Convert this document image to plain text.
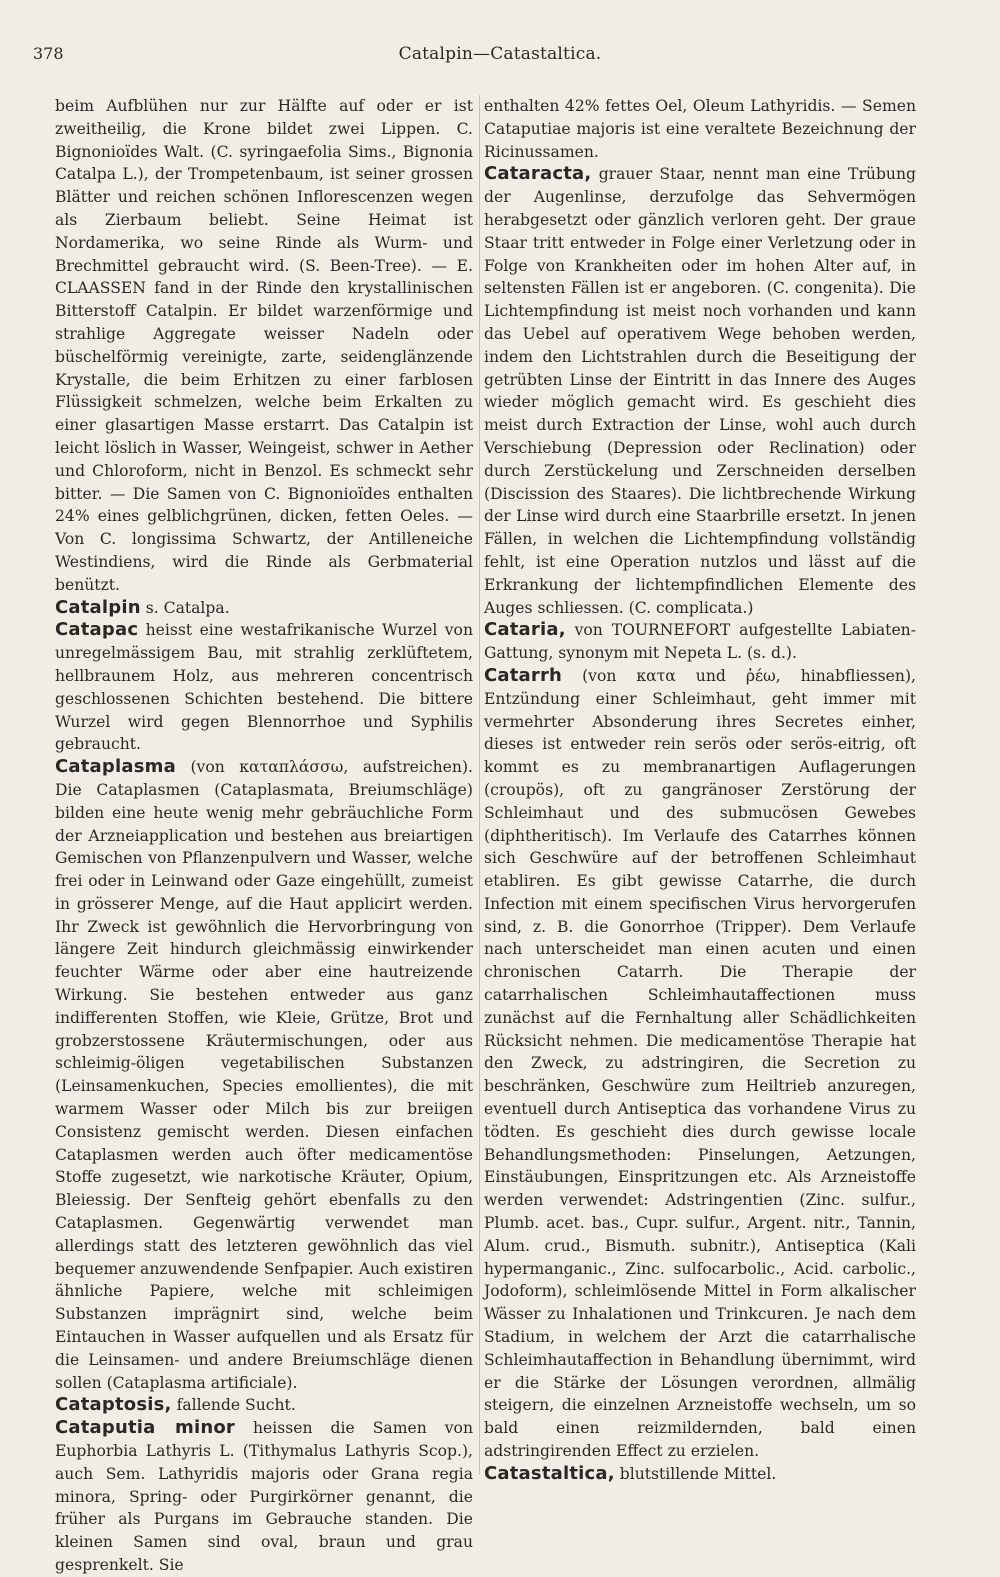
378	Catalpin—Catastaltica.

beim Aufblühen nur zur Hälfte auf oder er ist zweitheilig, die Krone bildet zwei Lippen. C. Bignonioïdes Walt. (C. syringaefolia Sims., Bignonia Catalpa L.), der Trompetenbaum, ist seiner grossen Blätter und reichen schönen Inflorescenzen wegen als Zierbaum beliebt. Seine Heimat ist Nordamerika, wo seine Rinde als Wurm- und Brechmittel gebraucht wird. (S. Been-Tree). — E. CLAASSEN fand in der Rinde den krystallinischen Bitterstoff Catalpin. Er bildet warzenförmige und strahlige Aggregate weisser Nadeln oder büschelförmig vereinigte, zarte, seidenglänzende Krystalle, die beim Erhitzen zu einer farblosen Flüssigkeit schmelzen, welche beim Erkalten zu einer glasartigen Masse erstarrt. Das Catalpin ist leicht löslich in Wasser, Weingeist, schwer in Aether und Chloroform, nicht in Benzol. Es schmeckt sehr bitter. — Die Samen von C. Bignonioïdes enthalten 24% eines gelblichgrünen, dicken, fetten Oeles. — Von C. longissima Schwartz, der Antilleneiche Westindiens, wird die Rinde als Gerbmaterial benützt.

Catalpin s. Catalpa.

Catapac heisst eine westafrikanische Wurzel von unregelmässigem Bau, mit strahlig zerklüftetem, hellbraunem Holz, aus mehreren concentrisch geschlossenen Schichten bestehend. Die bittere Wurzel wird gegen Blennorrhoe und Syphilis gebraucht.

Cataplasma (von καταπλάσσω, aufstreichen). Die Cataplasmen (Cataplasmata, Breiumschläge) bilden eine heute wenig mehr gebräuchliche Form der Arzneiapplication und bestehen aus breiartigen Gemischen von Pflanzenpulvern und Wasser, welche frei oder in Leinwand oder Gaze eingehüllt, zumeist in grösserer Menge, auf die Haut applicirt werden. Ihr Zweck ist gewöhnlich die Hervorbringung von längere Zeit hindurch gleichmässig einwirkender feuchter Wärme oder aber eine hautreizende Wirkung. Sie bestehen entweder aus ganz indifferenten Stoffen, wie Kleie, Grütze, Brot und grobzerstossene Kräutermischungen, oder aus schleimig-öligen vegetabilischen Substanzen (Leinsamenkuchen, Species emollientes), die mit warmem Wasser oder Milch bis zur breiigen Consistenz gemischt werden. Diesen einfachen Cataplasmen werden auch öfter medicamentöse Stoffe zugesetzt, wie narkotische Kräuter, Opium, Bleiessig. Der Senfteig gehört ebenfalls zu den Cataplasmen. Gegenwärtig verwendet man allerdings statt des letzteren gewöhnlich das viel bequemer anzuwendende Senfpapier. Auch existiren ähnliche Papiere, welche mit schleimigen Substanzen imprägnirt sind, welche beim Eintauchen in Wasser aufquellen und als Ersatz für die Leinsamen- und andere Breiumschläge dienen sollen (Cataplasma artificiale).

Cataptosis, fallende Sucht.

Cataputia minor heissen die Samen von Euphorbia Lathyris L. (Tithymalus Lathyris Scop.), auch Sem. Lathyridis majoris oder Grana regia minora, Spring- oder Purgirkörner genannt, die früher als Purgans im Gebrauche standen. Die kleinen Samen sind oval, braun und grau gesprenkelt. Sie

enthalten 42% fettes Oel, Oleum Lathyridis. — Semen Cataputiae majoris ist eine veraltete Bezeichnung der Ricinussamen.

Cataracta, grauer Staar, nennt man eine Trübung der Augenlinse, derzufolge das Sehvermögen herabgesetzt oder gänzlich verloren geht. Der graue Staar tritt entweder in Folge einer Verletzung oder in Folge von Krankheiten oder im hohen Alter auf, in seltensten Fällen ist er angeboren. (C. congenita). Die Lichtempfindung ist meist noch vorhanden und kann das Uebel auf operativem Wege behoben werden, indem den Lichtstrahlen durch die Beseitigung der getrübten Linse der Eintritt in das Innere des Auges wieder möglich gemacht wird. Es geschieht dies meist durch Extraction der Linse, wohl auch durch Verschiebung (Depression oder Reclination) oder durch Zerstückelung und Zerschneiden derselben (Discission des Staares). Die lichtbrechende Wirkung der Linse wird durch eine Staarbrille ersetzt. In jenen Fällen, in welchen die Lichtempfindung vollständig fehlt, ist eine Operation nutzlos und lässt auf die Erkrankung der lichtempfindlichen Elemente des Auges schliessen. (C. complicata.)

Cataria, von TOURNEFORT aufgestellte Labiaten-Gattung, synonym mit Nepeta L. (s. d.).

Catarrh (von κατα und ῥέω, hinabfliessen), Entzündung einer Schleimhaut, geht immer mit vermehrter Absonderung ihres Secretes einher, dieses ist entweder rein serös oder serös-eitrig, oft kommt es zu membranartigen Auflagerungen (croupös), oft zu gangränoser Zerstörung der Schleimhaut und des submucösen Gewebes (diphtheritisch). Im Verlaufe des Catarrhes können sich Geschwüre auf der betroffenen Schleimhaut etabliren. Es gibt gewisse Catarrhe, die durch Infection mit einem specifischen Virus hervorgerufen sind, z. B. die Gonorrhoe (Tripper). Dem Verlaufe nach unterscheidet man einen acuten und einen chronischen Catarrh. Die Therapie der catarrhalischen Schleimhautaffectionen muss zunächst auf die Fernhaltung aller Schädlichkeiten Rücksicht nehmen. Die medicamentöse Therapie hat den Zweck, zu adstringiren, die Secretion zu beschränken, Geschwüre zum Heiltrieb anzuregen, eventuell durch Antiseptica das vorhandene Virus zu tödten. Es geschieht dies durch gewisse locale Behandlungsmethoden: Pinselungen, Aetzungen, Einstäubungen, Einspritzungen etc. Als Arzneistoffe werden verwendet: Adstringentien (Zinc. sulfur., Plumb. acet. bas., Cupr. sulfur., Argent. nitr., Tannin, Alum. crud., Bismuth. subnitr.), Antiseptica (Kali hypermanganic., Zinc. sulfocarbolic., Acid. carbolic., Jodoform), schleimlösende Mittel in Form alkalischer Wässer zu Inhalationen und Trinkcuren. Je nach dem Stadium, in welchem der Arzt die catarrhalische Schleimhautaffection in Behandlung übernimmt, wird er die Stärke der Lösungen verordnen, allmälig steigern, die einzelnen Arzneistoffe wechseln, um so bald einen reizmildernden, bald einen adstringirenden Effect zu erzielen.

Catastaltica, blutstillende Mittel.
